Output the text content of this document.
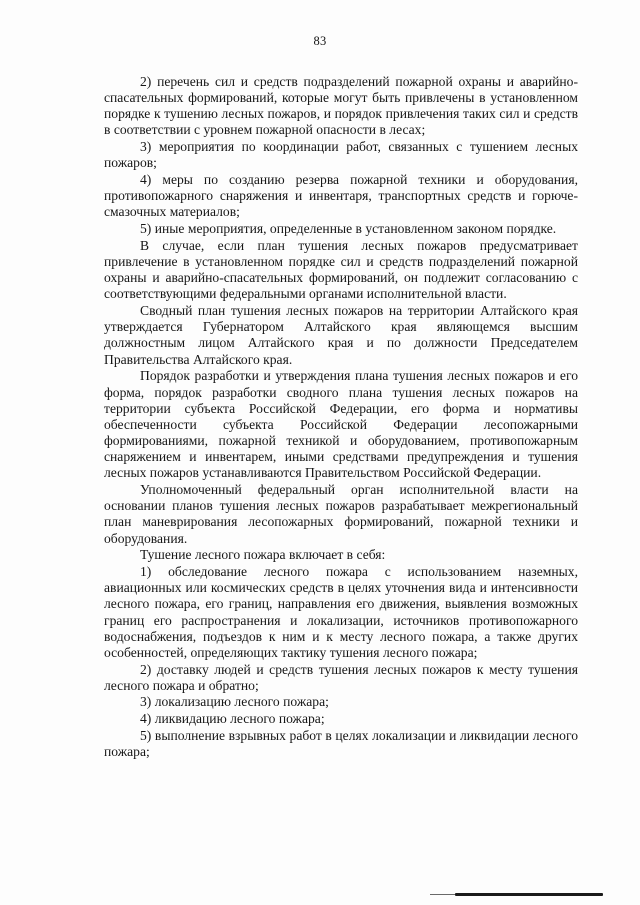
83

2) перечень сил и средств подразделений пожарной охраны и аварийно-спасательных формирований, которые могут быть привлечены в установленном порядке к тушению лесных пожаров, и порядок привлечения таких сил и средств в соответствии с уровнем пожарной опасности в лесах;

3) мероприятия по координации работ, связанных с тушением лесных пожаров;

4) меры по созданию резерва пожарной техники и оборудования, противопожарного снаряжения и инвентаря, транспортных средств и горюче-смазочных материалов;

5) иные мероприятия, определенные в установленном законом порядке.

В случае, если план тушения лесных пожаров предусматривает привлечение в установленном порядке сил и средств подразделений пожарной охраны и аварийно-спасательных формирований, он подлежит согласованию с соответствующими федеральными органами исполнительной власти.

Сводный план тушения лесных пожаров на территории Алтайского края утверждается Губернатором Алтайского края являющемся высшим должностным лицом Алтайского края и по должности Председателем Правительства Алтайского края.

Порядок разработки и утверждения плана тушения лесных пожаров и его форма, порядок разработки сводного плана тушения лесных пожаров на территории субъекта Российской Федерации, его форма и нормативы обеспеченности субъекта Российской Федерации лесопожарными формированиями, пожарной техникой и оборудованием, противопожарным снаряжением и инвентарем, иными средствами предупреждения и тушения лесных пожаров устанавливаются Правительством Российской Федерации.

Уполномоченный федеральный орган исполнительной власти на основании планов тушения лесных пожаров разрабатывает межрегиональный план маневрирования лесопожарных формирований, пожарной техники и оборудования.

Тушение лесного пожара включает в себя:

1) обследование лесного пожара с использованием наземных, авиационных или космических средств в целях уточнения вида и интенсивности лесного пожара, его границ, направления его движения, выявления возможных границ его распространения и локализации, источников противопожарного водоснабжения, подъездов к ним и к месту лесного пожара, а также других особенностей, определяющих тактику тушения лесного пожара;

2) доставку людей и средств тушения лесных пожаров к месту тушения лесного пожара и обратно;

3) локализацию лесного пожара;

4) ликвидацию лесного пожара;

5) выполнение взрывных работ в целях локализации и ликвидации лесного пожара;
